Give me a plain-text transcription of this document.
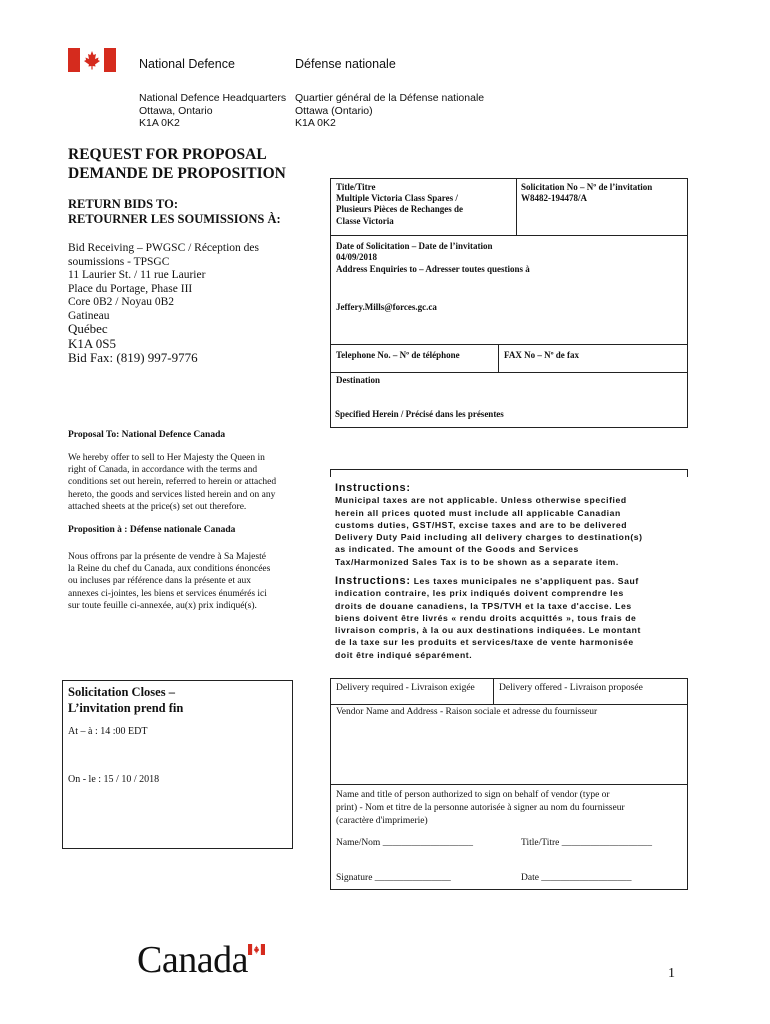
National Defence	Défense nationale
National Defence Headquarters
Ottawa, Ontario
K1A 0K2
Quartier général de la Défense nationale
Ottawa (Ontario)
K1A 0K2
REQUEST FOR PROPOSAL
DEMANDE DE PROPOSITION
RETURN BIDS TO:
RETOURNER LES SOUMISSIONS À:
Bid Receiving – PWGSC / Réception des
soumissions - TPSGC
11 Laurier St. / 11 rue Laurier
Place du Portage, Phase III
Core 0B2 / Noyau 0B2
Gatineau
Québec
K1A 0S5
Bid Fax: (819) 997-9776
Proposal To: National Defence Canada
We hereby offer to sell to Her Majesty the Queen in
right of Canada, in accordance with the terms and
conditions set out herein, referred to herein or attached
hereto, the goods and services listed herein and on any
attached sheets at the price(s) set out therefore.
Proposition à : Défense nationale Canada
Nous offrons par la présente de vendre à Sa Majesté
la Reine du chef du Canada, aux conditions énoncées
ou incluses par référence dans la présente et aux
annexes ci-jointes, les biens et services énumérés ici
sur toute feuille ci-annexée, au(x) prix indiqué(s).
Solicitation Closes –
L’invitation prend fin
At – à : 14 :00 EDT
On - le : 15 / 10 / 2018
Title/Titre
Multiple Victoria Class Spares /
Plusieurs Pièces de Rechanges de
Classe Victoria
Solicitation No – Nº de l’invitation
W8482-194478/A
Date of Solicitation – Date de l’invitation
04/09/2018
Address Enquiries to – Adresser toutes questions à
Jeffery.Mills@forces.gc.ca
Telephone No. – Nº de téléphone	FAX No – Nº de fax
Destination
Specified Herein / Précisé dans les présentes
Instructions:
Municipal taxes are not applicable. Unless otherwise specified
herein all prices quoted must include all applicable Canadian
customs duties, GST/HST, excise taxes and are to be delivered
Delivery Duty Paid including all delivery charges to destination(s)
as indicated. The amount of the Goods and Services
Tax/Harmonized Sales Tax is to be shown as a separate item.
Instructions: Les taxes municipales ne s'appliquent pas. Sauf
indication contraire, les prix indiqués doivent comprendre les
droits de douane canadiens, la TPS/TVH et la taxe d'accise. Les
biens doivent être livrés « rendu droits acquittés », tous frais de
livraison compris, à la ou aux destinations indiquées. Le montant
de la taxe sur les produits et services/taxe de vente harmonisée
doit être indiqué séparément.
Delivery required - Livraison exigée	Delivery offered - Livraison proposée
Vendor Name and Address - Raison sociale et adresse du fournisseur
Name and title of person authorized to sign on behalf of vendor (type or
print) - Nom et titre de la personne autorisée à signer au nom du fournisseur
(caractère d'imprimerie)
Name/Nom ___________________	Title/Titre ___________________
Signature ________________	Date ___________________
Canada	1
